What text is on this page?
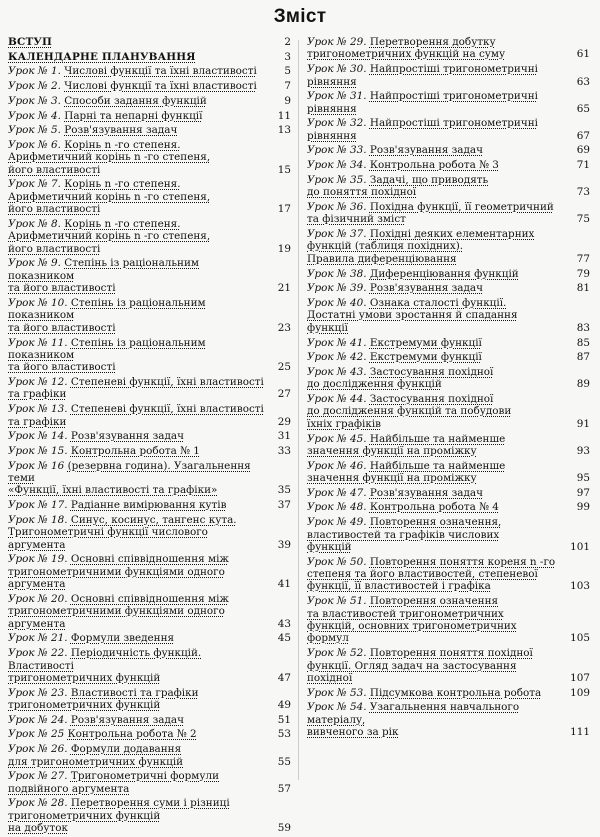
Зміст
ВСТУП	2
КАЛЕНДАРНЕ ПЛАНУВАННЯ	3
Урок № 1. Числові функції та їхні властивості	5
Урок № 2. Числові функції та їхні властивості	7
Урок № 3. Способи задання функцій	9
Урок № 4. Парні та непарні функції	11
Урок № 5. Розв'язування задач	13
Урок № 6. Корінь n -го степеня.
Арифметичний корінь n -го степеня,
його властивості	15
Урок № 7. Корінь n -го степеня.
Арифметичний корінь n -го степеня,
його властивості	17
Урок № 8. Корінь n -го степеня.
Арифметичний корінь n -го степеня,
його властивості	19
Урок № 9. Степінь із раціональним показником
та його властивості	21
Урок № 10. Степінь із раціональним показником
та його властивості	23
Урок № 11. Степінь із раціональним показником
та його властивості	25
Урок № 12. Степеневі функції, їхні властивості
та графіки	27
Урок № 13. Степеневі функції, їхні властивості
та графіки	29
Урок № 14. Розв'язування задач	31
Урок № 15. Контрольна робота № 1	33
Урок № 16 (резервна година). Узагальнення теми
«Функції, їхні властивості та графіки»	35
Урок № 17. Радіанне вимірювання кутів	37
Урок № 18. Синус, косинус, тангенс кута.
Тригонометричні функції числового
аргумента	39
Урок № 19. Основні співвідношення між
тригонометричними функціями одного
аргумента	41
Урок № 20. Основні співвідношення між
тригонометричними функціями одного
аргумента	43
Урок № 21. Формули зведення	45
Урок № 22. Періодичність функцій. Властивості
тригонометричних функцій	47
Урок № 23. Властивості та графіки
тригонометричних функцій	49
Урок № 24. Розв'язування задач	51
Урок № 25 Контрольна робота № 2	53
Урок № 26. Формули додавання
для тригонометричних функцій	55
Урок № 27. Тригонометричні формули
подвійного аргумента	57
Урок № 28. Перетворення суми і різниці
тригонометричних функцій
на добуток	59
Урок № 29. Перетворення добутку
тригонометричних функцій на суму	61
Урок № 30. Найпростіші тригонометричні
рівняння	63
Урок № 31. Найпростіші тригонометричні
рівняння	65
Урок № 32. Найпростіші тригонометричні
рівняння	67
Урок № 33. Розв'язування задач	69
Урок № 34. Контрольна робота № 3	71
Урок № 35. Задачі, що приводять
до поняття похідної	73
Урок № 36. Похідна функції, її геометричний
та фізичний зміст	75
Урок № 37. Похідні деяких елементарних
функцій (таблиця похідних).
Правила диференціювання	77
Урок № 38. Диференціювання функцій	79
Урок № 39. Розв'язування задач	81
Урок № 40. Ознака сталості функції.
Достатні умови зростання й спадання
функції	83
Урок № 41. Екстремуми функції	85
Урок № 42. Екстремуми функції	87
Урок № 43. Застосування похідної
до дослідження функцій	89
Урок № 44. Застосування похідної
до дослідження функцій та побудови
їхніх графіків	91
Урок № 45. Найбільше та найменше
значення функції на проміжку	93
Урок № 46. Найбільше та найменше
значення функції на проміжку	95
Урок № 47. Розв'язування задач	97
Урок № 48. Контрольна робота № 4	99
Урок № 49. Повторення означення,
властивостей та графіків числових
функцій	101
Урок № 50. Повторення поняття кореня n -го
степеня та його властивостей, степеневої
функції, її властивостей і графіка	103
Урок № 51. Повторення означення
та властивостей тригонометричних
функцій, основних тригонометричних
формул	105
Урок № 52. Повторення поняття похідної
функції. Огляд задач на застосування
похідної	107
Урок № 53. Підсумкова контрольна робота	109
Урок № 54. Узагальнення навчального матеріалу,
вивченого за рік	111
